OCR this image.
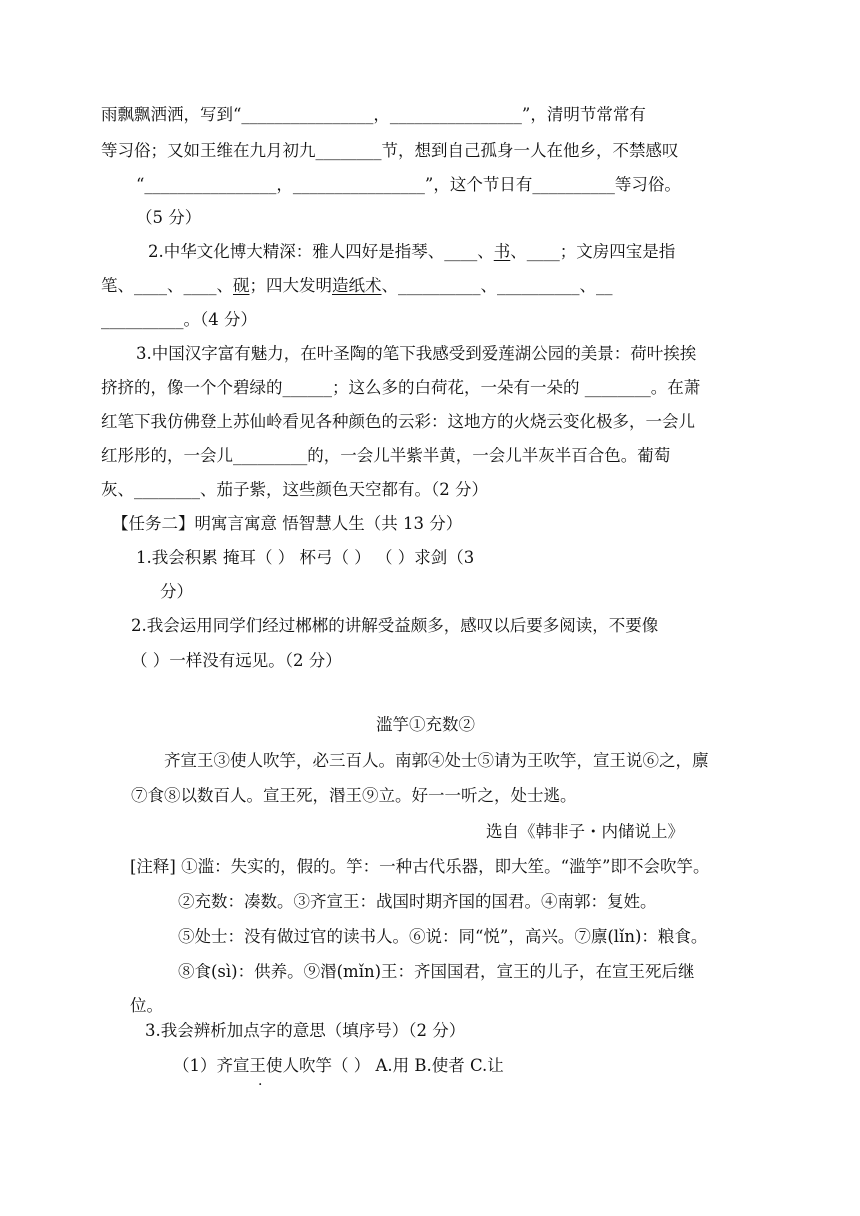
雨飘飘洒洒，写到“________________，________________”，清明节常常有
等习俗；又如王维在九月初九________节，想到自己孤身一人在他乡，不禁感叹
“________________，________________”，这个节日有__________等习俗。
（5 分）
2.中华文化博大精深：雅人四好是指琴、____、书、____；文房四宝是指
笔、____、____、砚；四大发明造纸术、__________、__________、__
__________。（4 分）
3.中国汉字富有魅力，在叶圣陶的笔下我感受到爱莲湖公园的美景：荷叶挨挨
挤挤的，像一个个碧绿的______；这么多的白荷花，一朵有一朵的 ________。在萧
红笔下我仿佛登上苏仙岭看见各种颜色的云彩：这地方的火烧云变化极多，一会儿
红彤彤的，一会儿_________的，一会儿半紫半黄，一会儿半灰半百合色。葡萄
灰、________、茄子紫，这些颜色天空都有。（2 分）
【任务二】明寓言寓意 悟智慧人生（共 13 分）
1.我会积累 掩耳（ ） 杯弓（ ） （ ）求剑（3
分）
2.我会运用同学们经过郴郴的讲解受益颇多，感叹以后要多阅读，不要像
（ ）一样没有远见。（2 分）
滥竽①充数②
齐宣王③使人吹竽，必三百人。南郭④处士⑤请为王吹竽，宣王说⑥之，廪
⑦食⑧以数百人。宣王死，湣王⑨立。好一一听之，处士逃。
选自《韩非子・内储说上》
[注释] ①滥：失实的，假的。竽：一种古代乐器，即大笙。“滥竽”即不会吹竽。
②充数：凑数。③齐宣王：战国时期齐国的国君。④南郭：复姓。
⑤处士：没有做过官的读书人。⑥说：同“悦”，高兴。⑦廪(lǐn)：粮食。
⑧食(sì)：供养。⑨湣(mǐn)王：齐国国君，宣王的儿子，在宣王死后继
位。
3.我会辨析加点字的意思（填序号）（2 分）
（1）齐宣王使人吹竽（ ） A.用 B.使者 C.让
·
